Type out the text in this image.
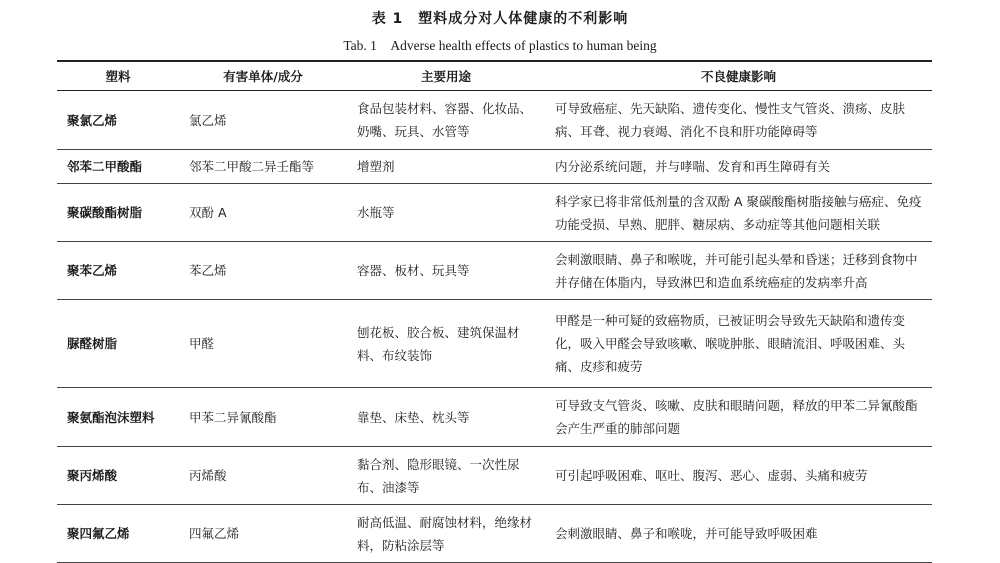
表 1　塑料成分对人体健康的不利影响
Tab. 1　Adverse health effects of plastics to human being
塑料	有害单体/成分	主要用途	不良健康影响
聚氯乙烯	氯乙烯	食品包装材料、容器、化妆品、奶嘴、玩具、水管等	可导致癌症、先天缺陷、遗传变化、慢性支气管炎、溃疡、皮肤病、耳聋、视力衰竭、消化不良和肝功能障碍等
邻苯二甲酸酯	邻苯二甲酸二异壬酯等	增塑剂	内分泌系统问题，并与哮喘、发育和再生障碍有关
聚碳酸酯树脂	双酚 A	水瓶等	科学家已将非常低剂量的含双酚 A 聚碳酸酯树脂接触与癌症、免疫功能受损、早熟、肥胖、糖尿病、多动症等其他问题相关联
聚苯乙烯	苯乙烯	容器、板材、玩具等	会刺激眼睛、鼻子和喉咙，并可能引起头晕和昏迷；迁移到食物中并存储在体脂内，导致淋巴和造血系统癌症的发病率升高
脲醛树脂	甲醛	刨花板、胶合板、建筑保温材料、布纹装饰	甲醛是一种可疑的致癌物质，已被证明会导致先天缺陷和遗传变化，吸入甲醛会导致咳嗽、喉咙肿胀、眼睛流泪、呼吸困难、头痛、皮疹和疲劳
聚氨酯泡沫塑料	甲苯二异氰酸酯	靠垫、床垫、枕头等	可导致支气管炎、咳嗽、皮肤和眼睛问题，释放的甲苯二异氰酸酯会产生严重的肺部问题
聚丙烯酸	丙烯酸	黏合剂、隐形眼镜、一次性尿布、油漆等	可引起呼吸困难、呕吐、腹泻、恶心、虚弱、头痛和疲劳
聚四氟乙烯	四氟乙烯	耐高低温、耐腐蚀材料，绝缘材料，防粘涂层等	会刺激眼睛、鼻子和喉咙，并可能导致呼吸困难
